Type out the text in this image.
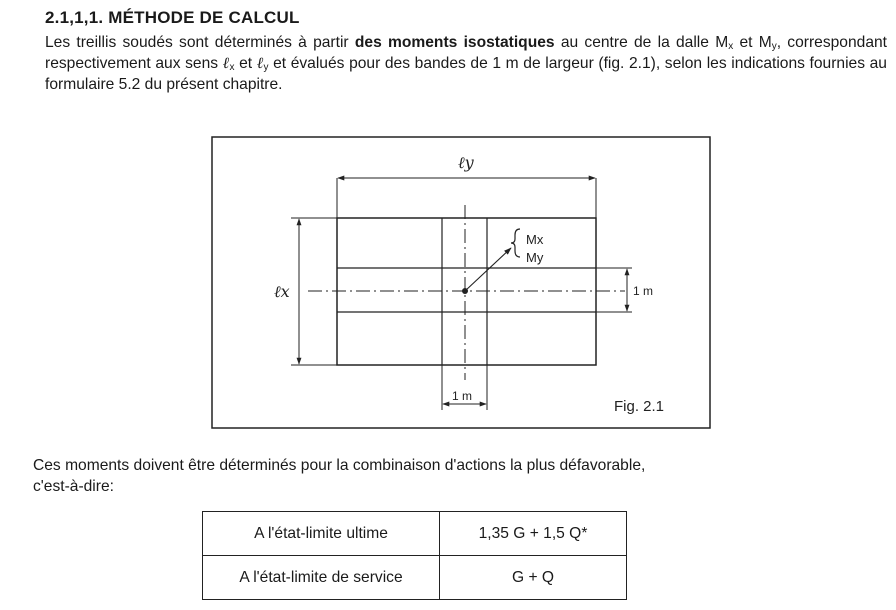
2.1,1,1. MÉTHODE DE CALCUL
Les treillis soudés sont déterminés à partir des moments isostatiques au centre de la dalle $M_x$ et $M_y$, correspondant respectivement aux sens ℓ$_x$ et ℓ$_y$ et évalués pour des bandes de 1 m de largeur (fig. 2.1), selon les indications fournies au formulaire 5.2 du présent chapitre.
ℓy
ℓx
Mx
My
1 m
1 m
Fig. 2.1
Ces moments doivent être déterminés pour la combinaison d'actions la plus défavorable,
c'est-à-dire:
A l'état-limite ultime	1,35 G + 1,5 Q*
A l'état-limite de service	G + Q
